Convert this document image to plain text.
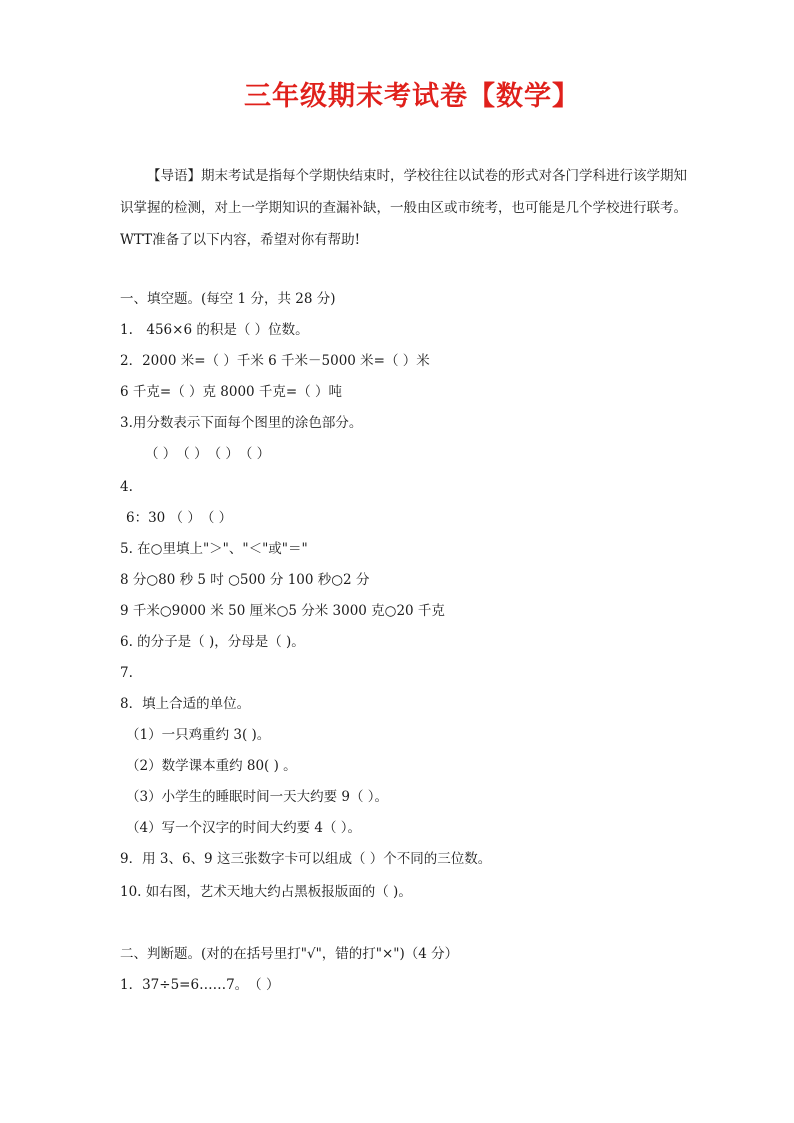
三年级期末考试卷【数学】
【导语】期末考试是指每个学期快结束时，学校往往以试卷的形式对各门学科进行该学期知识掌握的检测，对上一学期知识的查漏补缺，一般由区或市统考，也可能是几个学校进行联考。WTT准备了以下内容，希望对你有帮助!
一、填空题。(每空 1 分，共 28 分)
1.　456×6 的积是（ ）位数。
2．2000 米=（ ）千米 6 千米－5000 米=（ ）米
6 千克=（ ）克 8000 千克=（ ）吨
3.用分数表示下面每个图里的涂色部分。
（ ）　（ ）　（ ）　（ ）
4.
6：30 （ ）　（ ）
5. 在○里填上"＞"、"＜"或"＝"
8 分○80 秒 5 吋 ○500 分 100 秒○2 分
9 千米○9000 米 50 厘米○5 分米 3000 克○20 千克
6. 的分子是（ )，分母是（ )。
7.
8．填上合适的单位。
（1）一只鸡重约 3( )。
（2）数学课本重约 80( ) 。
（3）小学生的睡眠时间一天大约要 9（ ）。
（4）写一个汉字的时间大约要 4（ ）。
9．用 3、6、9 这三张数字卡可以组成（ ）个不同的三位数。
10. 如右图，艺术天地大约占黑板报版面的（ )。
二、判断题。(对的在括号里打"√"，错的打"×")（4 分）
1．37÷5=6……7。　（ ）
